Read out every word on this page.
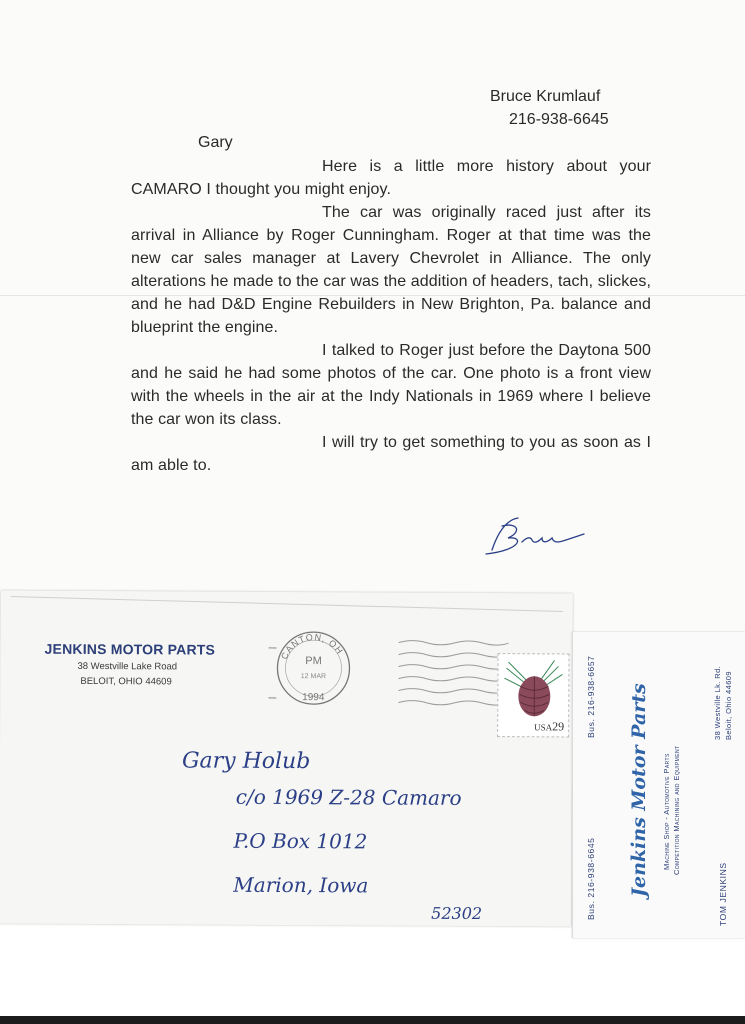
Bruce Krumlauf
216-938-6645
Gary

Here is a little more history about your CAMARO I thought you might enjoy.

The car was originally raced just after its arrival in Alliance by Roger Cunningham. Roger at that time was the new car sales manager at Lavery Chevrolet in Alliance. The only alterations he made to the car was the addition of headers, tach, slickes, and he had D&D Engine Rebuilders in New Brighton, Pa. balance and blueprint the engine.

I talked to Roger just before the Daytona 500 and he said he had some photos of the car. One photo is a front view with the wheels in the air at the Indy Nationals in 1969 where I believe the car won its class.

I will try to get something to you as soon as I am able to.

JENKINS MOTOR PARTS
38 Westville Lake Road
BELOIT, OHIO 44609
CANTON, OH
PM
12 MAR
1994
USA29
Gary Holub
c/o 1969 Z-28 Camaro
P.O Box 1012
Marion, Iowa
52302
Bus. 216-938-6657
Bus. 216-938-6645 Jenkins Motor Parts Machine Shop - Automotive Parts Competition Machining and Equipment
38 Westville Lk. Rd. Beloit, Ohio 44609
TOM JENKINS
